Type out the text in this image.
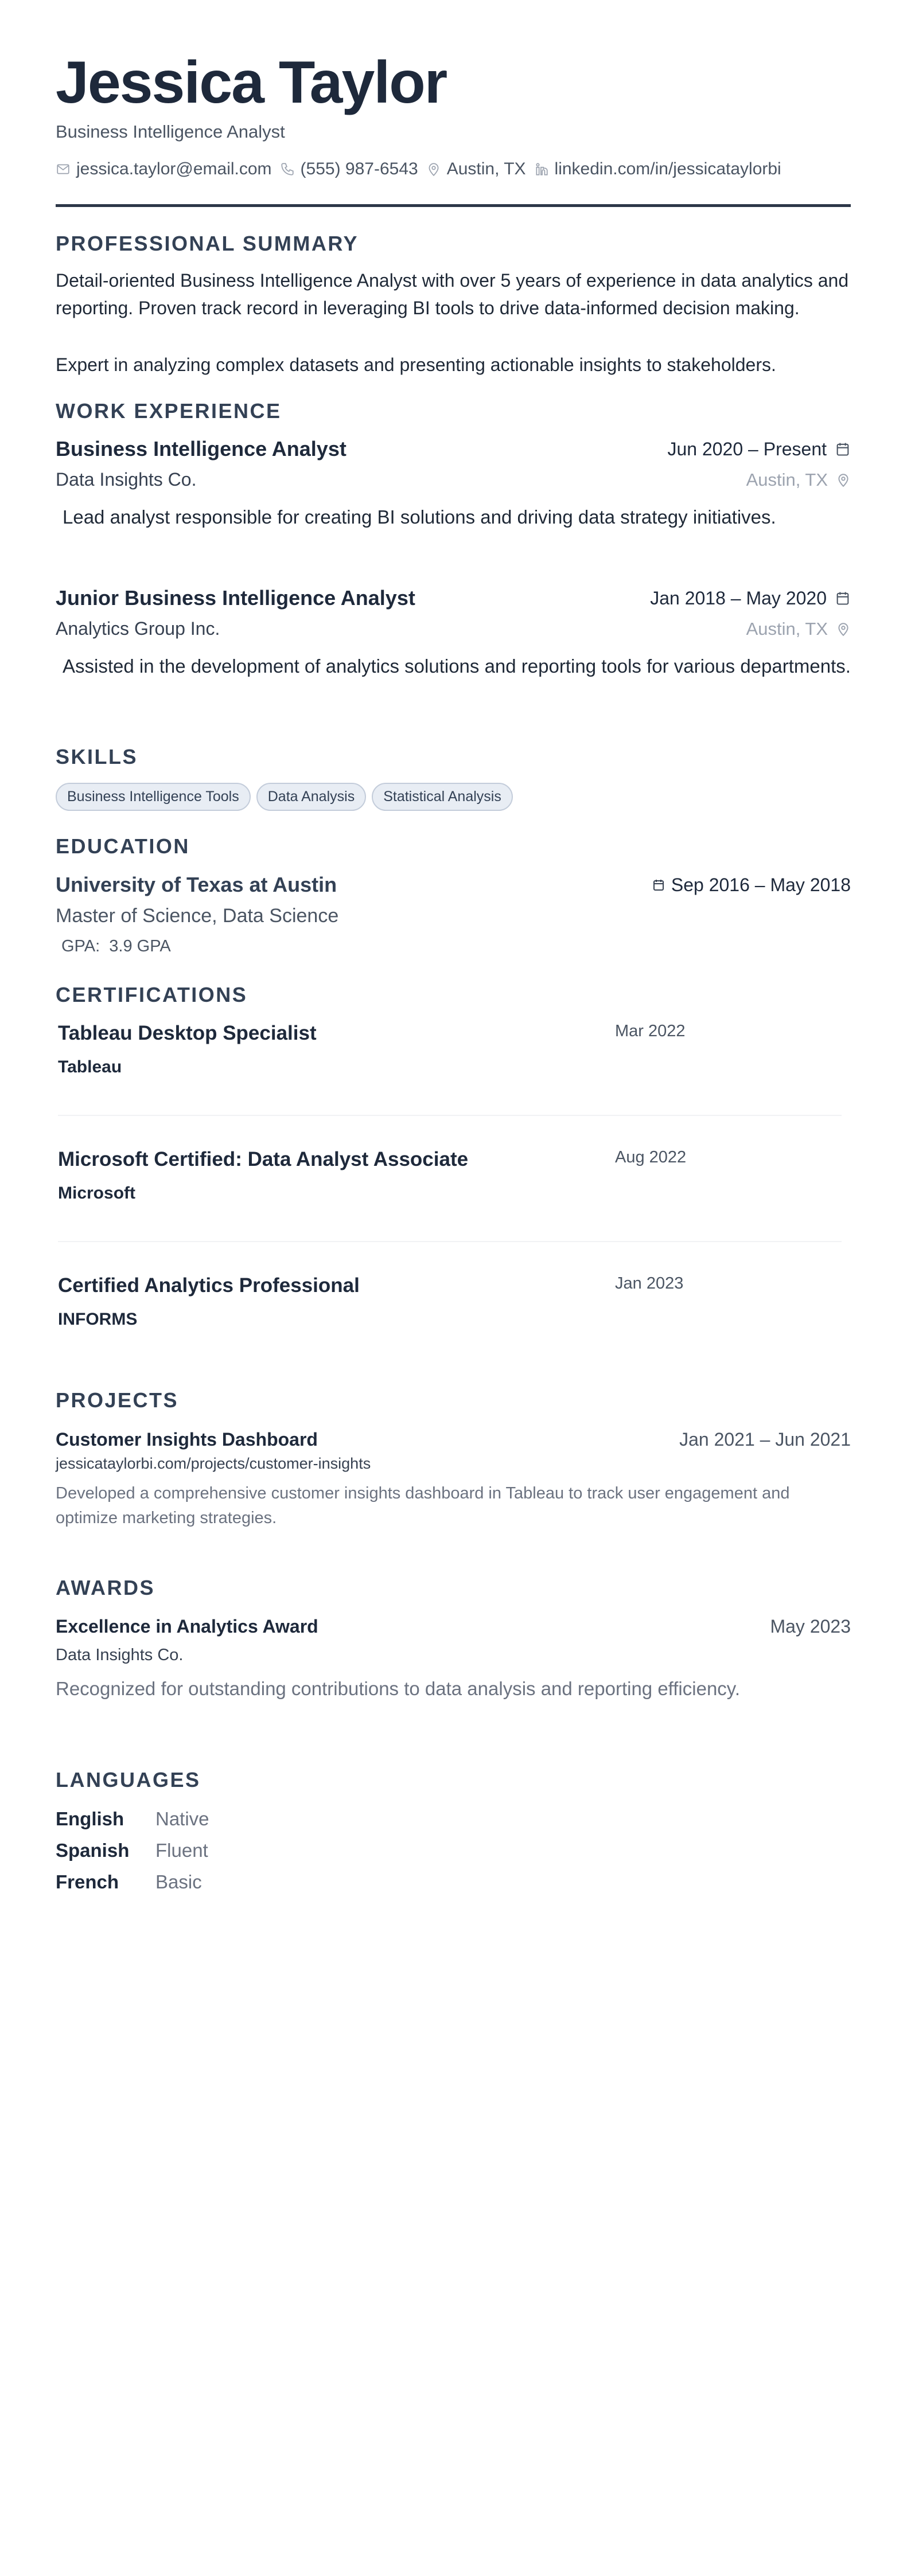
Jessica Taylor
Business Intelligence Analyst
jessica.taylor@email.com (555) 987-6543 Austin, TX linkedin.com/in/jessicataylorbi
PROFESSIONAL SUMMARY
Detail-oriented Business Intelligence Analyst with over 5 years of experience in data analytics and reporting. Proven track record in leveraging BI tools to drive data-informed decision making.
Expert in analyzing complex datasets and presenting actionable insights to stakeholders.
WORK EXPERIENCE
Business Intelligence Analyst	Jun 2020 – Present
Data Insights Co.	Austin, TX
Lead analyst responsible for creating BI solutions and driving data strategy initiatives.
Junior Business Intelligence Analyst	Jan 2018 – May 2020
Analytics Group Inc.	Austin, TX
Assisted in the development of analytics solutions and reporting tools for various departments.
SKILLS
Business Intelligence Tools	Data Analysis	Statistical Analysis
EDUCATION
University of Texas at Austin	Sep 2016 – May 2018
Master of Science, Data Science
GPA: 3.9 GPA
CERTIFICATIONS
Tableau Desktop Specialist	Mar 2022
Tableau
Microsoft Certified: Data Analyst Associate	Aug 2022
Microsoft
Certified Analytics Professional	Jan 2023
INFORMS
PROJECTS
Customer Insights Dashboard	Jan 2021 – Jun 2021
jessicataylorbi.com/projects/customer-insights
Developed a comprehensive customer insights dashboard in Tableau to track user engagement and optimize marketing strategies.
AWARDS
Excellence in Analytics Award	May 2023
Data Insights Co.
Recognized for outstanding contributions to data analysis and reporting efficiency.
LANGUAGES
English	Native
Spanish	Fluent
French	Basic
